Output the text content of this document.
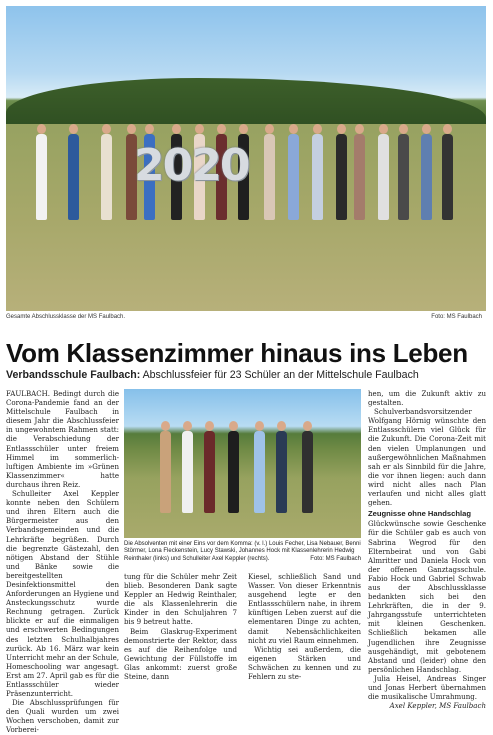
2020
Gesamte Abschlussklasse der MS Faulbach.	Foto: MS Faulbach
Vom Klassenzimmer hinaus ins Leben
Verbandsschule Faulbach: Abschlussfeier für 23 Schüler an der Mittelschule Faulbach

FAULBACH. Bedingt durch die Corona-Pandemie fand an der Mittelschule Faulbach in diesem Jahr die Abschlussfeier in ungewohntem Rahmen statt: die Verabschiedung der Entlassschüler unter freiem Himmel im sommerlich-luftigen Ambiente im »Grünen Klassenzimmer« hatte durchaus ihren Reiz.

Schulleiter Axel Keppler konnte neben den Schülern und ihren Eltern auch die Bürgermeister aus den Verbandsgemeinden und die Lehrkräfte begrüßen. Durch die begrenzte Gästezahl, den nötigen Abstand der Stühle und Bänke sowie die bereitgestellten Desinfektionsmittel den Anforderungen an Hygiene und Ansteckungsschutz wurde Rechnung getragen. Zurück blickte er auf die einmaligen und erschwerten Bedingungen des letzten Schulhalbjahres zurück. Ab 16. März war kein Unterricht mehr an der Schule, Homeschooling war angesagt. Erst am 27. April gab es für die Entlassschüler wieder Präsenzunterricht.

Die Abschlussprüfungen für den Quali wurden um zwei Wochen verschoben, damit zur Vorberei-

Die Absolventen mit einer Eins vor dem Komma: (v. l.) Louis Fecher, Lisa Nebauer, Benni Störmer, Lona Fleckenstein, Lucy Stawski, Johannes Hock mit Klassenlehrerin Hedwig Reinthaler (links) und Schulleiter Axel Keppler (rechts).	Foto: MS Faulbach

tung für die Schüler mehr Zeit blieb. Besonderen Dank sagte Keppler an Hedwig Reinthaler, die als Klassenlehrerin die Kinder in den Schuljahren 7 bis 9 betreut hatte.

Beim Glaskrug-Experiment demonstrierte der Rektor, dass es auf die Reihenfolge und Gewichtung der Füllstoffe im Glas ankommt: zuerst große Steine, dann

Kiesel, schließlich Sand und Wasser. Von dieser Erkenntnis ausgehend legte er den Entlassschülern nahe, in ihrem künftigen Leben zuerst auf die elementaren Dinge zu achten, damit Nebensächlichkeiten nicht zu viel Raum einnehmen.

Wichtig sei außerdem, die eigenen Stärken und Schwächen zu kennen und zu Fehlern zu ste-

hen, um die Zukunft aktiv zu gestalten.

Schulverbandsvorsitzender Wolfgang Hörnig wünschte den Entlassschülern viel Glück für die Zukunft. Die Corona-Zeit mit den vielen Umplanungen und außergewöhnlichen Maßnahmen sah er als Sinnbild für die Jahre, die vor ihnen liegen: auch dann wird nicht alles nach Plan verlaufen und nicht alles glatt gehen.

Zeugnisse ohne Handschlag

Glückwünsche sowie Geschenke für die Schüler gab es auch von Sabrina Wegrod für den Elternbeirat und von Gabi Almritter und Daniela Hock von der offenen Ganztagsschule. Fabio Hock und Gabriel Schwab aus der Abschlussklasse bedankten sich bei den Lehrkräften, die in der 9. Jahrgangsstufe unterrichteten mit kleinen Geschenken. Schließlich bekamen alle Jugendlichen ihre Zeugnisse ausgehändigt, mit gebotenem Abstand und (leider) ohne den persönlichen Handschlag.

Julia Heisel, Andreas Singer und Jonas Herbert übernahmen die musikalische Umrahmung.

Axel Keppler, MS Faulbach
